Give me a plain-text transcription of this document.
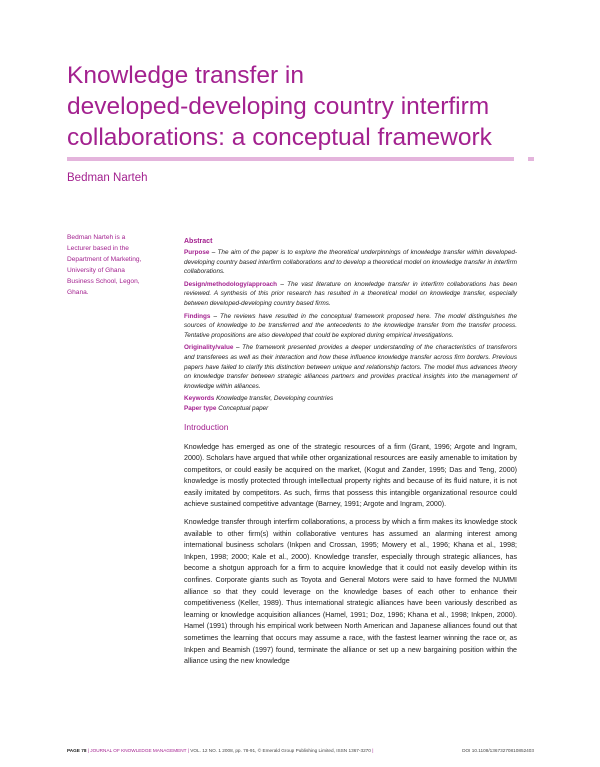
Knowledge transfer in
developed-developing country interfirm
collaborations: a conceptual framework

Bedman Narteh

Bedman Narteh is a
Lecturer based in the
Department of Marketing,
University of Ghana
Business School, Legon,
Ghana.
Abstract

Purpose – The aim of the paper is to explore the theoretical underpinnings of knowledge transfer within developed-developing country based interfirm collaborations and to develop a theoretical model on knowledge transfer in interfirm collaborations.

Design/methodology/approach – The vast literature on knowledge transfer in interfirm collaborations has been reviewed. A synthesis of this prior research has resulted in a theoretical model on knowledge transfer, especially between developed-developing country based firms.

Findings – The reviews have resulted in the conceptual framework proposed here. The model distinguishes the sources of knowledge to be transferred and the antecedents to the knowledge transfer from the transfer process. Tentative propositions are also developed that could be explored during empirical investigations.

Originality/value – The framework presented provides a deeper understanding of the characteristics of transferors and transferees as well as their interaction and how these influence knowledge transfer across firm borders. Previous papers have failed to clarify this distinction between unique and relationship factors. The model thus advances theory on knowledge transfer between strategic alliances partners and provides practical insights into the management of knowledge within alliances.

Keywords Knowledge transfer, Developing countries

Paper type Conceptual paper

Introduction

Knowledge has emerged as one of the strategic resources of a firm (Grant, 1996; Argote and Ingram, 2000). Scholars have argued that while other organizational resources are easily amenable to imitation by competitors, or could easily be acquired on the market, (Kogut and Zander, 1995; Das and Teng, 2000) knowledge is mostly protected through intellectual property rights and because of its fluid nature, it is not easily imitated by competitors. As such, firms that possess this intangible organizational resource could achieve sustained competitive advantage (Barney, 1991; Argote and Ingram, 2000).

Knowledge transfer through interfirm collaborations, a process by which a firm makes its knowledge stock available to other firm(s) within collaborative ventures has assumed an alarming interest among international business scholars (Inkpen and Crossan, 1995; Mowery et al., 1996; Khana et al., 1998; Inkpen, 1998; 2000; Kale et al., 2000). Knowledge transfer, especially through strategic alliances, has become a shotgun approach for a firm to acquire knowledge that it could not easily develop within its confines. Corporate giants such as Toyota and General Motors were said to have formed the NUMMI alliance so that they could leverage on the knowledge bases of each other to enhance their competitiveness (Keller, 1989). Thus international strategic alliances have been variously described as learning or knowledge acquisition alliances (Hamel, 1991; Doz, 1996; Khana et al., 1998; Inkpen, 2000). Hamel (1991) through his empirical work between North American and Japanese alliances found out that sometimes the learning that occurs may assume a race, with the fastest learner winning the race or, as Inkpen and Beamish (1997) found, terminate the alliance or set up a new bargaining position within the alliance using the new knowledge

PAGE 78 | JOURNAL OF KNOWLEDGE MANAGEMENT | VOL. 12 NO. 1 2008, pp. 78-91, © Emerald Group Publishing Limited, ISSN 1367-3270 |	DOI 10.1108/13673270810852403
